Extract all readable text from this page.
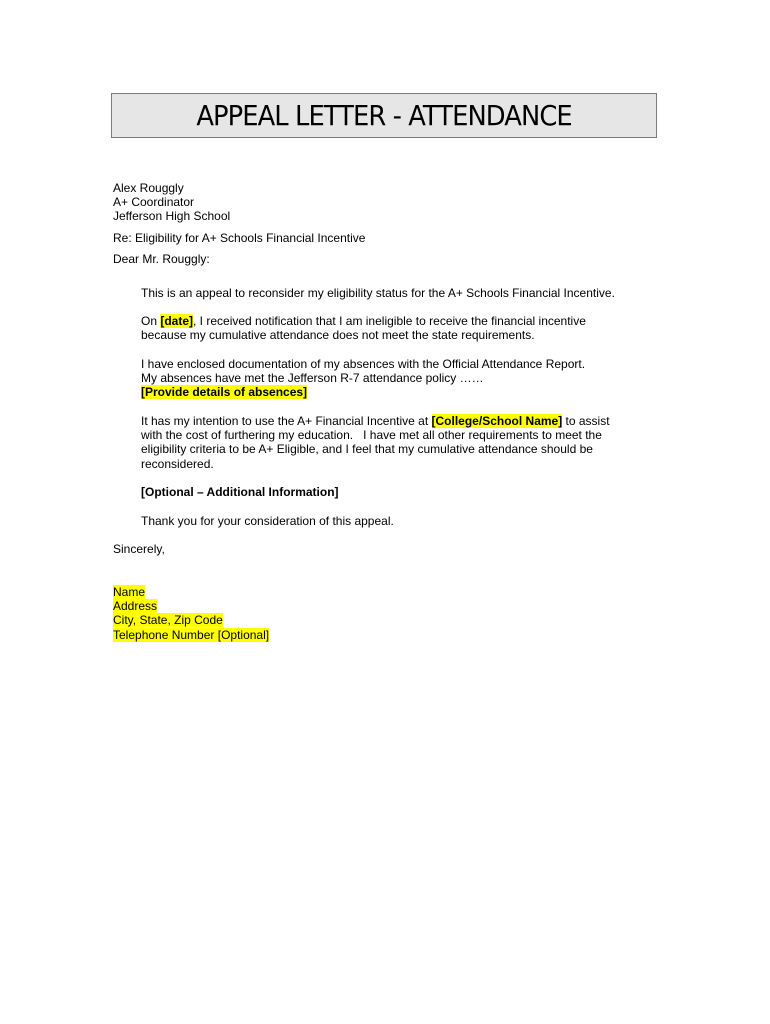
APPEAL LETTER - ATTENDANCE
Alex Rouggly
A+ Coordinator
Jefferson High School
Re: Eligibility for A+ Schools Financial Incentive
Dear Mr. Rouggly:
This is an appeal to reconsider my eligibility status for the A+ Schools Financial Incentive.
On [date], I received notification that I am ineligible to receive the financial incentive
because my cumulative attendance does not meet the state requirements.
I have enclosed documentation of my absences with the Official Attendance Report.
My absences have met the Jefferson R-7 attendance policy ……
[Provide details of absences]
It has my intention to use the A+ Financial Incentive at [College/School Name] to assist
with the cost of furthering my education.   I have met all other requirements to meet the
eligibility criteria to be A+ Eligible, and I feel that my cumulative attendance should be
reconsidered.
[Optional – Additional Information]
Thank you for your consideration of this appeal.
Sincerely,
Name
Address
City, State, Zip Code
Telephone Number [Optional]
